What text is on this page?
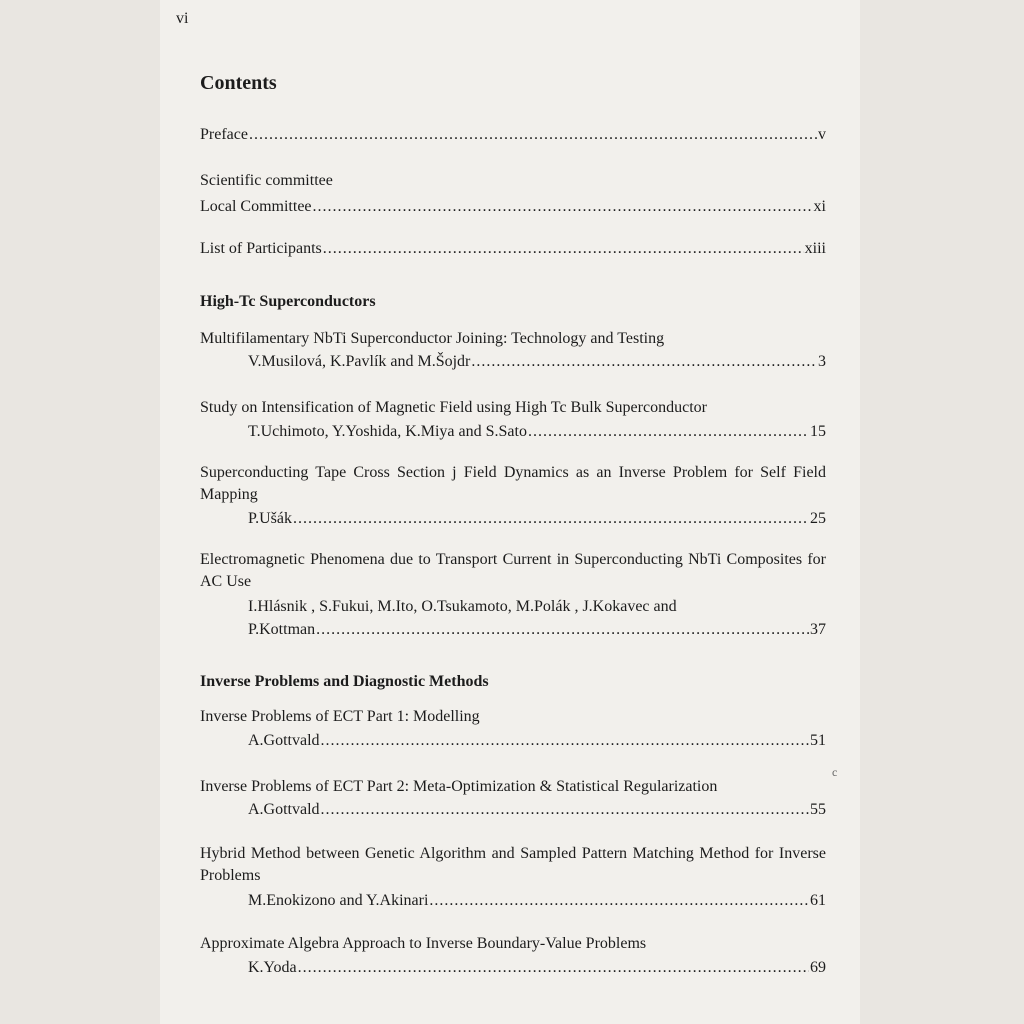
vi
Contents
Preface .....	v
Scientific committee
Local Committee .....	xi
List of Participants .....	xiii
High-Tc Superconductors
Multifilamentary NbTi Superconductor Joining: Technology and Testing
V.Musilová, K.Pavlík and M.Šojdr .....	3
Study on Intensification of Magnetic Field using High Tc Bulk Superconductor
T.Uchimoto, Y.Yoshida, K.Miya and S.Sato .....	15
Superconducting Tape Cross Section j Field Dynamics as an Inverse Problem for Self Field Mapping
P.Ušák .....	25
Electromagnetic Phenomena due to Transport Current in Superconducting NbTi Composites for AC Use
I.Hlásnik , S.Fukui, M.Ito, O.Tsukamoto, M.Polák , J.Kokavec and
P.Kottman .....	37
Inverse Problems and Diagnostic Methods
Inverse Problems of ECT Part 1: Modelling
A.Gottvald .....	51
Inverse Problems of ECT Part 2: Meta-Optimization & Statistical Regularization
A.Gottvald .....	55
Hybrid Method between Genetic Algorithm and Sampled Pattern Matching Method for Inverse Problems
M.Enokizono and Y.Akinari .....	61
Approximate Algebra Approach to Inverse Boundary-Value Problems
K.Yoda .....	69
c
